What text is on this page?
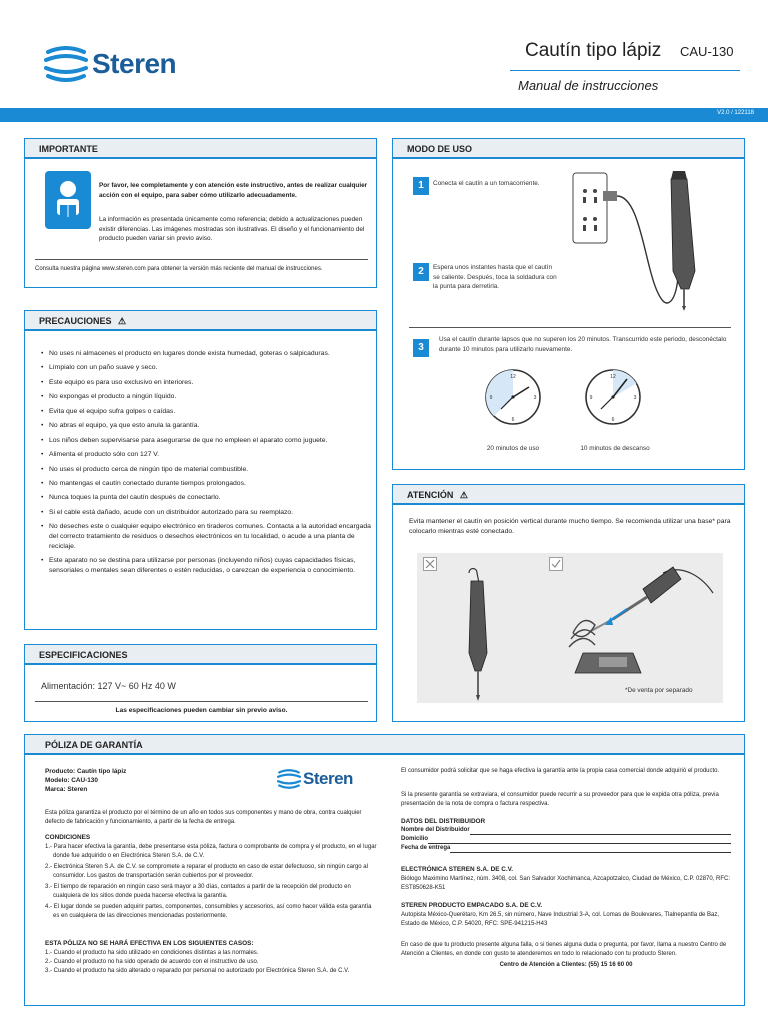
Steren	Cautín tipo lápiz CAU-130
Manual de instrucciones
V2.0 / 122118
IMPORTANTE
Por favor, lee completamente y con atención este instructivo, antes de realizar cualquier acción con el equipo, para saber cómo utilizarlo adecuadamente.
La información es presentada únicamente como referencia; debido a actualizaciones pueden existir diferencias. Las imágenes mostradas son ilustrativas. El diseño y el funcionamiento del producto pueden variar sin previo aviso.
Consulta nuestra página www.steren.com para obtener la versión más reciente del manual de instrucciones.
PRECAUCIONES ⚠
• No uses ni almacenes el producto en lugares donde exista humedad, goteras o salpicaduras.
• Límpialo con un paño suave y seco.
• Este equipo es para uso exclusivo en interiores.
• No expongas el producto a ningún líquido.
• Evita que el equipo sufra golpes o caídas.
• No abras el equipo, ya que esto anula la garantía.
• Los niños deben supervisarse para asegurarse de que no empleen el aparato como juguete.
• Alimenta el producto sólo con 127 V.
• No uses el producto cerca de ningún tipo de material combustible.
• No mantengas el cautín conectado durante tiempos prolongados.
• Nunca toques la punta del cautín después de conectarlo.
• Si el cable está dañado, acude con un distribuidor autorizado para su reemplazo.
• No deseches este o cualquier equipo electrónico en tiraderos comunes. Contacta a la autoridad encargada del correcto tratamiento de residuos o desechos electrónicos en tu localidad, o acude a una planta de reciclaje.
• Este aparato no se destina para utilizarse por personas (incluyendo niños) cuyas capacidades físicas, sensoriales o mentales sean diferentes o estén reducidas, o carezcan de experiencia o conocimiento.
ESPECIFICACIONES
Alimentación: 127 V~ 60 Hz 40 W
Las especificaciones pueden cambiar sin previo aviso.
MODO DE USO
1	Conecta el cautín a un tomacorriente.
2	Espera unos instantes hasta que el cautín se caliente. Después, toca la soldadura con la punta para derretirla.
3
Usa el cautín durante lapsos que no superen los 20 minutos. Transcurrido este periodo, desconéctalo durante 10 minutos para utilizarlo nuevamente.
12
3
6
9
20 minutos de uso
12
3
6
9
10 minutos de descanso
ATENCIÓN ⚠
Evita mantener el cautín en posición vertical durante mucho tiempo. Se recomienda utilizar una base* para colocarlo mientras esté conectado.
*De venta por separado
PÓLIZA DE GARANTÍA
Producto: Cautín tipo lápiz
Modelo: CAU-130
Marca: Steren
Steren
Esta póliza garantiza el producto por el término de un año en todos sus componentes y mano de obra, contra cualquier defecto de fabricación y funcionamiento, a partir de la fecha de entrega.
CONDICIONES
1.- Para hacer efectiva la garantía, debe presentarse esta póliza, factura o comprobante de compra y el producto, en el lugar donde fue adquirido o en Electrónica Steren S.A. de C.V.
2.- Electrónica Steren S.A. de C.V. se compromete a reparar el producto en caso de estar defectuoso, sin ningún cargo al consumidor. Los gastos de transportación serán cubiertos por el proveedor.
3.- El tiempo de reparación en ningún caso será mayor a 30 días, contados a partir de la recepción del producto en cualquiera de los sitios donde pueda hacerse efectiva la garantía.
4.- El lugar donde se pueden adquirir partes, componentes, consumibles y accesorios, así como hacer válida esta garantía es en cualquiera de las direcciones mencionadas posteriormente.
ESTA PÓLIZA NO SE HARÁ EFECTIVA EN LOS SIGUIENTES CASOS:
1.- Cuando el producto ha sido utilizado en condiciones distintas a las normales.
2.- Cuando el producto no ha sido operado de acuerdo con el instructivo de uso.
3.- Cuando el producto ha sido alterado o reparado por personal no autorizado por Electrónica Steren S.A. de C.V.
El consumidor podrá solicitar que se haga efectiva la garantía ante la propia casa comercial donde adquirió el producto.
Si la presente garantía se extraviara, el consumidor puede recurrir a su proveedor para que le expida otra póliza, previa presentación de la nota de compra o factura respectiva.
DATOS DEL DISTRIBUIDOR
Nombre del Distribuidor
Domicilio
Fecha de entrega
ELECTRÓNICA STEREN S.A. DE C.V.
Biólogo Maximino Martínez, núm. 3408, col. San Salvador Xochimanca, Azcapotzalco, Ciudad de México, C.P. 02870, RFC: EST850628-K51
STEREN PRODUCTO EMPACADO S.A. DE C.V.
Autopista México-Querétaro, Km 26.5, sin número, Nave Industrial 3-A, col. Lomas de Boulevares, Tlalnepantla de Baz, Estado de México, C.P. 54020, RFC: SPE-941215-H43
En caso de que tu producto presente alguna falla, o si tienes alguna duda o pregunta, por favor, llama a nuestro Centro de Atención a Clientes, en donde con gusto te atenderemos en todo lo relacionado con tu producto Steren.
Centro de Atención a Clientes: (55) 15 16 60 00
